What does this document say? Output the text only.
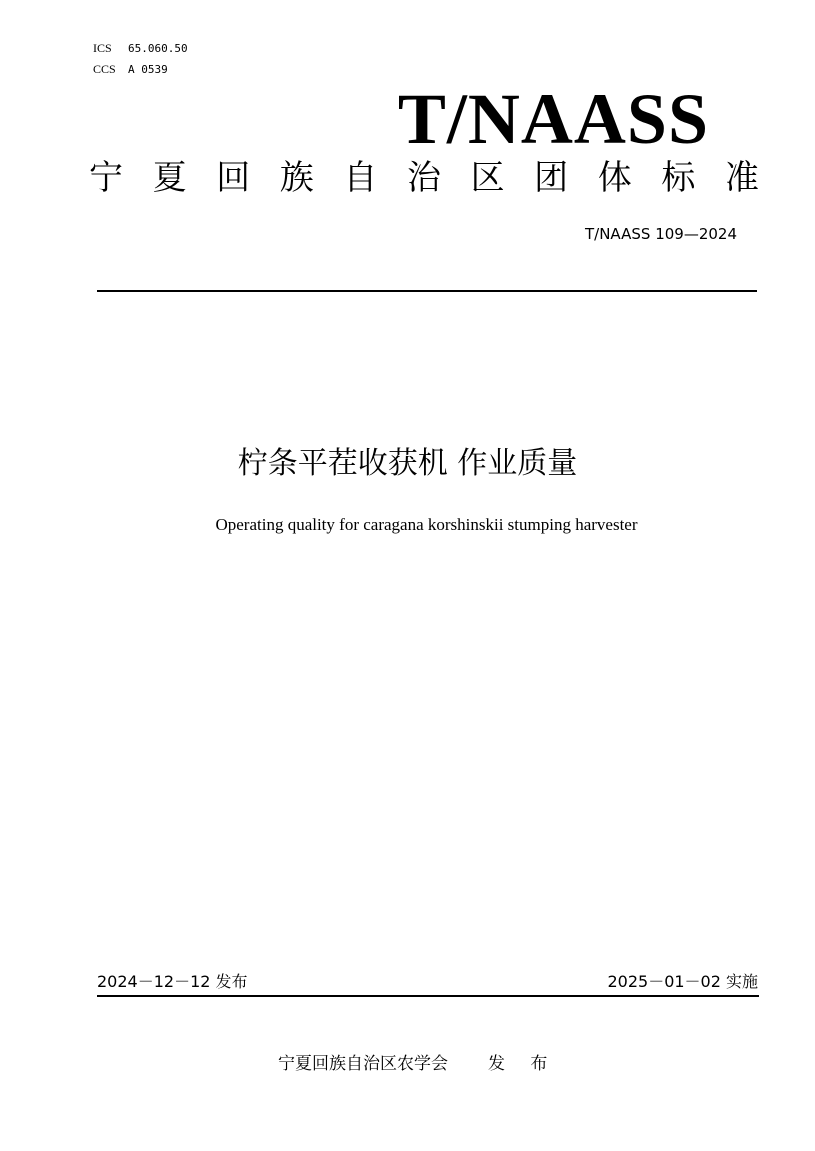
ICS 65.060.50
CCS A 0539
T/NAASS
宁 夏 回 族 自 治 区 团 体 标 准
T/NAASS 109—2024
柠条平茬收获机 作业质量
Operating quality for caragana korshinskii stumping harvester
2024－12－12 发布	2025－01－02 实施
宁夏回族自治区农学会 发 布
